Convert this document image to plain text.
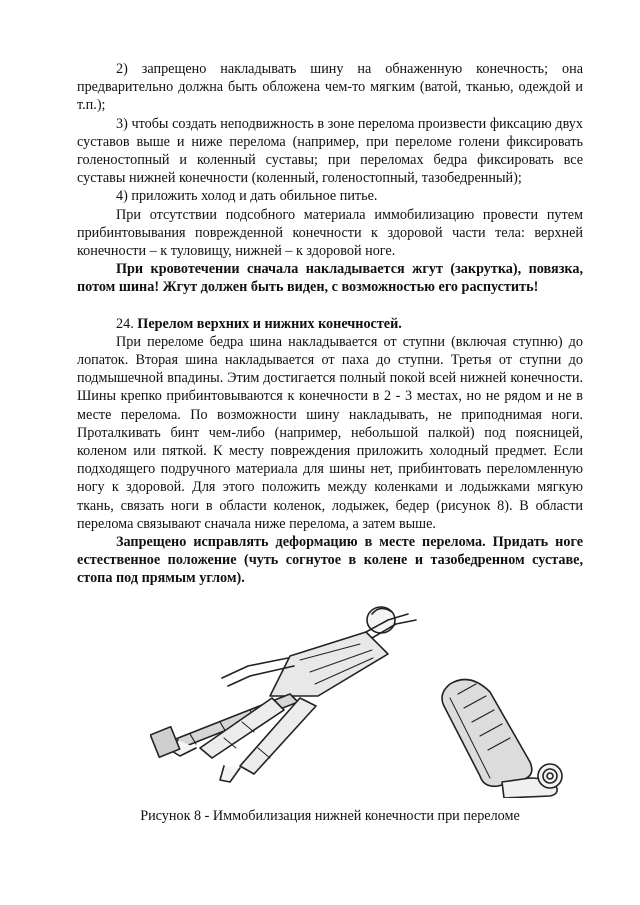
2) запрещено накладывать шину на обнаженную конечность; она предварительно должна быть обложена чем-то мягким (ватой, тканью, одеждой и т.п.);

3) чтобы создать неподвижность в зоне перелома произвести фиксацию двух суставов выше и ниже перелома (например, при переломе голени фиксировать голеностопный и коленный суставы; при переломах бедра фиксировать все суставы нижней конечности (коленный, голеностопный, тазобедренный);

4) приложить холод и дать обильное питье.

При отсутствии подсобного материала иммобилизацию провести путем прибинтовывания поврежденной конечности к здоровой части тела: верхней конечности – к туловищу, нижней – к здоровой ноге.

При кровотечении сначала накладывается жгут (закрутка), повязка, потом шина! Жгут должен быть виден, с возможностью его распустить!

24. Перелом верхних и нижних конечностей.

При переломе бедра шина накладывается от ступни (включая ступню) до лопаток. Вторая шина накладывается от паха до ступни. Третья от ступни до подмышечной впадины. Этим достигается полный покой всей нижней конечности. Шины крепко прибинтовываются к конечности в 2 - 3 местах, но не рядом и не в месте перелома. По возможности шину накладывать, не приподнимая ноги. Проталкивать бинт чем-либо (например, небольшой палкой) под поясницей, коленом или пяткой. К месту повреждения приложить холодный предмет. Если подходящего подручного материала для шины нет, прибинтовать переломленную ногу к здоровой. Для этого положить между коленками и лодыжками мягкую ткань, связать ноги в области коленок, лодыжек, бедер (рисунок 8). В области перелома связывают сначала ниже перелома, а затем выше.

Запрещено исправлять деформацию в месте перелома. Придать ноге естественное положение (чуть согнутое в колене и тазобедренном суставе, стопа под прямым углом).

Рисунок 8 - Иммобилизация нижней конечности при переломе
